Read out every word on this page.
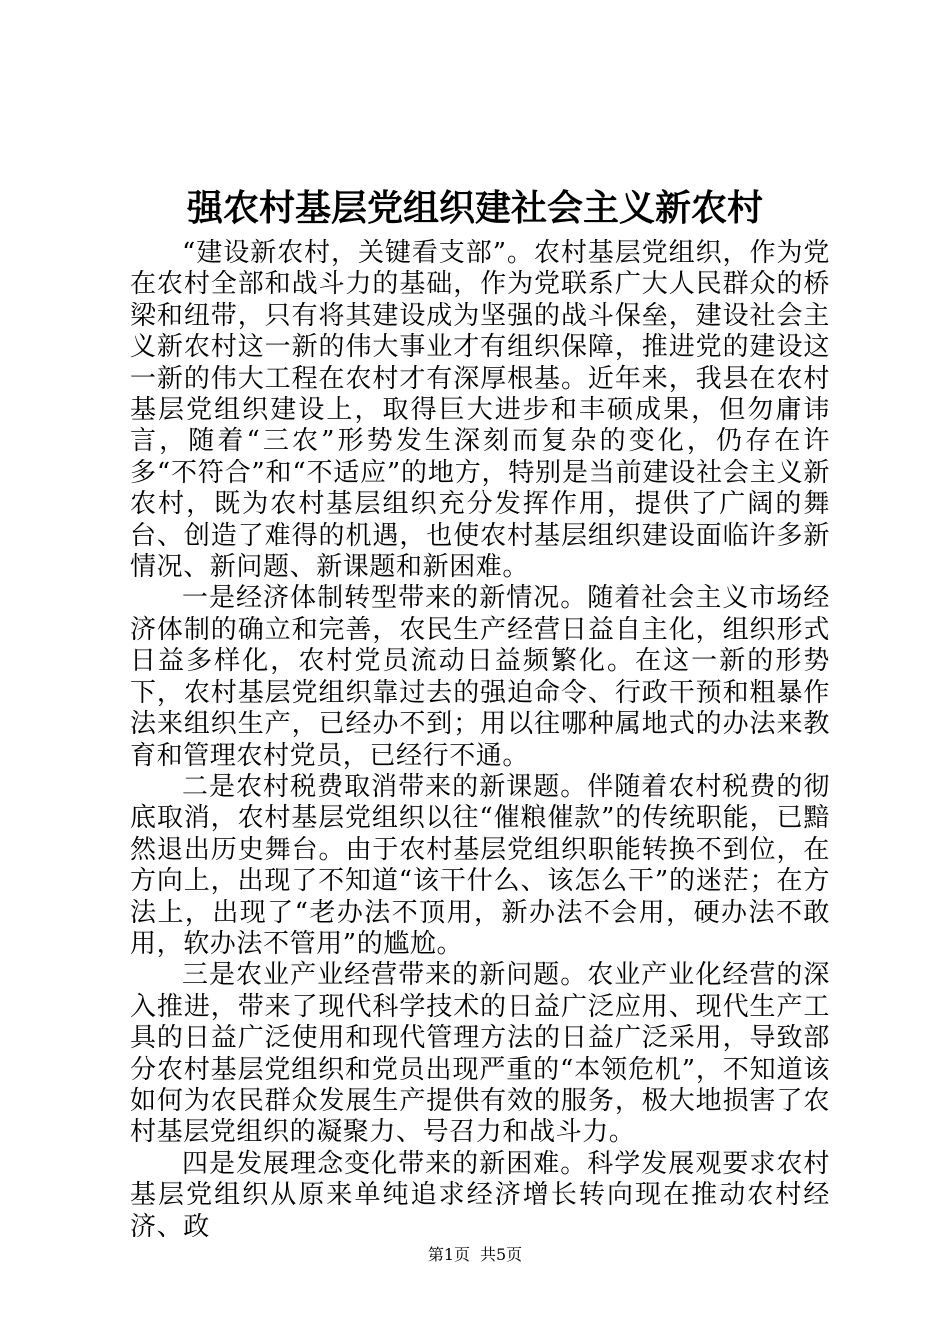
强农村基层党组织建社会主义新农村

“建设新农村，关键看支部”。农村基层党组织，作为党在农村全部和战斗力的基础，作为党联系广大人民群众的桥梁和纽带，只有将其建设成为坚强的战斗保垒，建设社会主义新农村这一新的伟大事业才有组织保障，推进党的建设这一新的伟大工程在农村才有深厚根基。近年来，我县在农村基层党组织建设上，取得巨大进步和丰硕成果，但勿庸讳言，随着“三农”形势发生深刻而复杂的变化，仍存在许多“不符合”和“不适应”的地方，特别是当前建设社会主义新农村，既为农村基层组织充分发挥作用，提供了广阔的舞台、创造了难得的机遇，也使农村基层组织建设面临许多新情况、新问题、新课题和新困难。

一是经济体制转型带来的新情况。随着社会主义市场经济体制的确立和完善，农民生产经营日益自主化，组织形式日益多样化，农村党员流动日益频繁化。在这一新的形势下，农村基层党组织靠过去的强迫命令、行政干预和粗暴作法来组织生产，已经办不到；用以往哪种属地式的办法来教育和管理农村党员，已经行不通。

二是农村税费取消带来的新课题。伴随着农村税费的彻底取消，农村基层党组织以往“催粮催款”的传统职能，已黯然退出历史舞台。由于农村基层党组织职能转换不到位，在方向上，出现了不知道“该干什么、该怎么干”的迷茫；在方法上，出现了“老办法不顶用，新办法不会用，硬办法不敢用，软办法不管用”的尴尬。

三是农业产业经营带来的新问题。农业产业化经营的深入推进，带来了现代科学技术的日益广泛应用、现代生产工具的日益广泛使用和现代管理方法的日益广泛采用，导致部分农村基层党组织和党员出现严重的“本领危机”，不知道该如何为农民群众发展生产提供有效的服务，极大地损害了农村基层党组织的凝聚力、号召力和战斗力。

四是发展理念变化带来的新困难。科学发展观要求农村基层党组织从原来单纯追求经济增长转向现在推动农村经济、政

第1页 共5页
